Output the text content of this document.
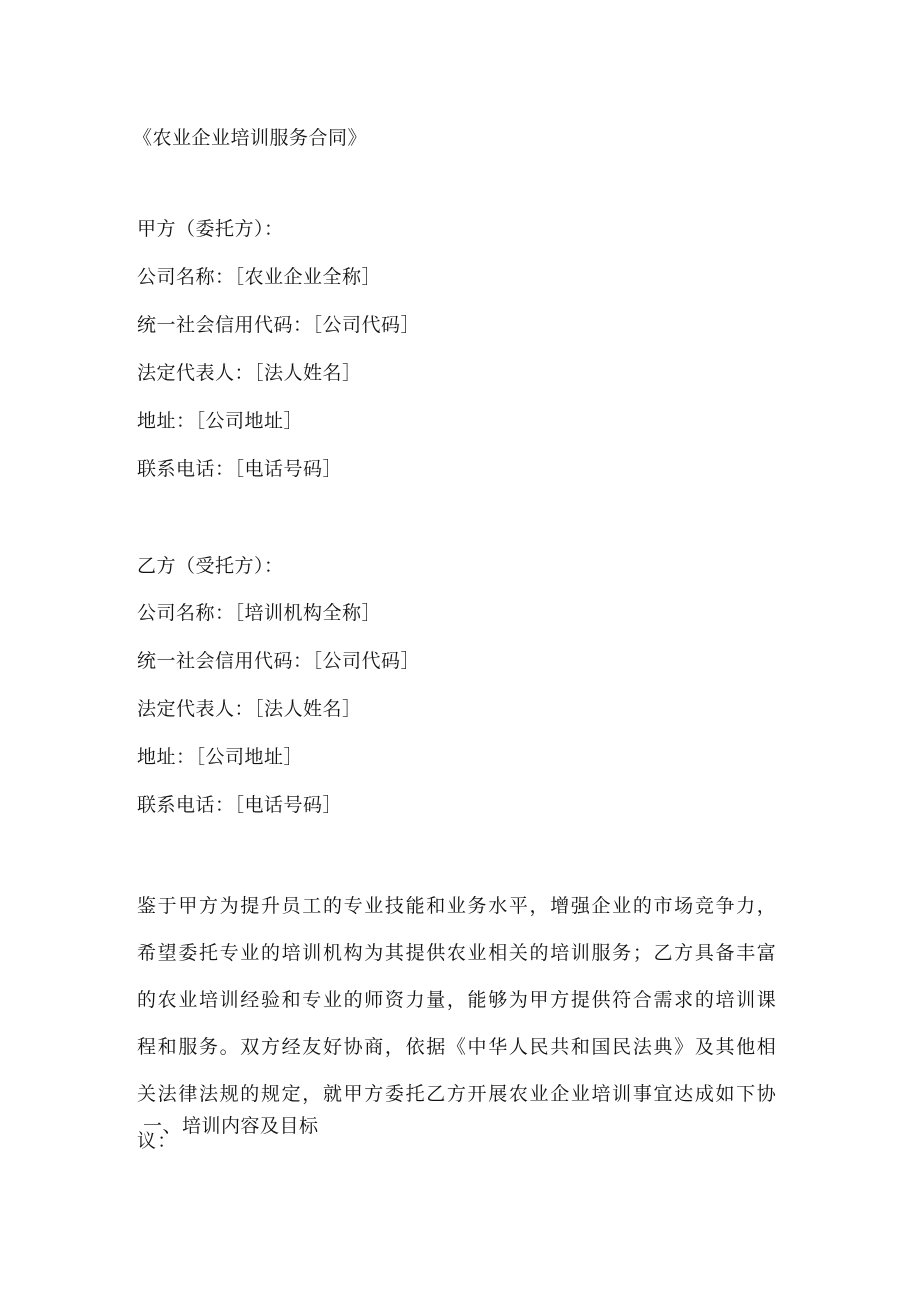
《农业企业培训服务合同》
甲方（委托方）：
公司名称：［农业企业全称］
统一社会信用代码：［公司代码］
法定代表人：［法人姓名］
地址：［公司地址］
联系电话：［电话号码］
乙方（受托方）：
公司名称：［培训机构全称］
统一社会信用代码：［公司代码］
法定代表人：［法人姓名］
地址：［公司地址］
联系电话：［电话号码］
鉴于甲方为提升员工的专业技能和业务水平，增强企业的市场竞争力，希望委托专业的培训机构为其提供农业相关的培训服务；乙方具备丰富的农业培训经验和专业的师资力量，能够为甲方提供符合需求的培训课程和服务。双方经友好协商，依据《中华人民共和国民法典》及其他相关法律法规的规定，就甲方委托乙方开展农业企业培训事宜达成如下协议：
一、培训内容及目标
